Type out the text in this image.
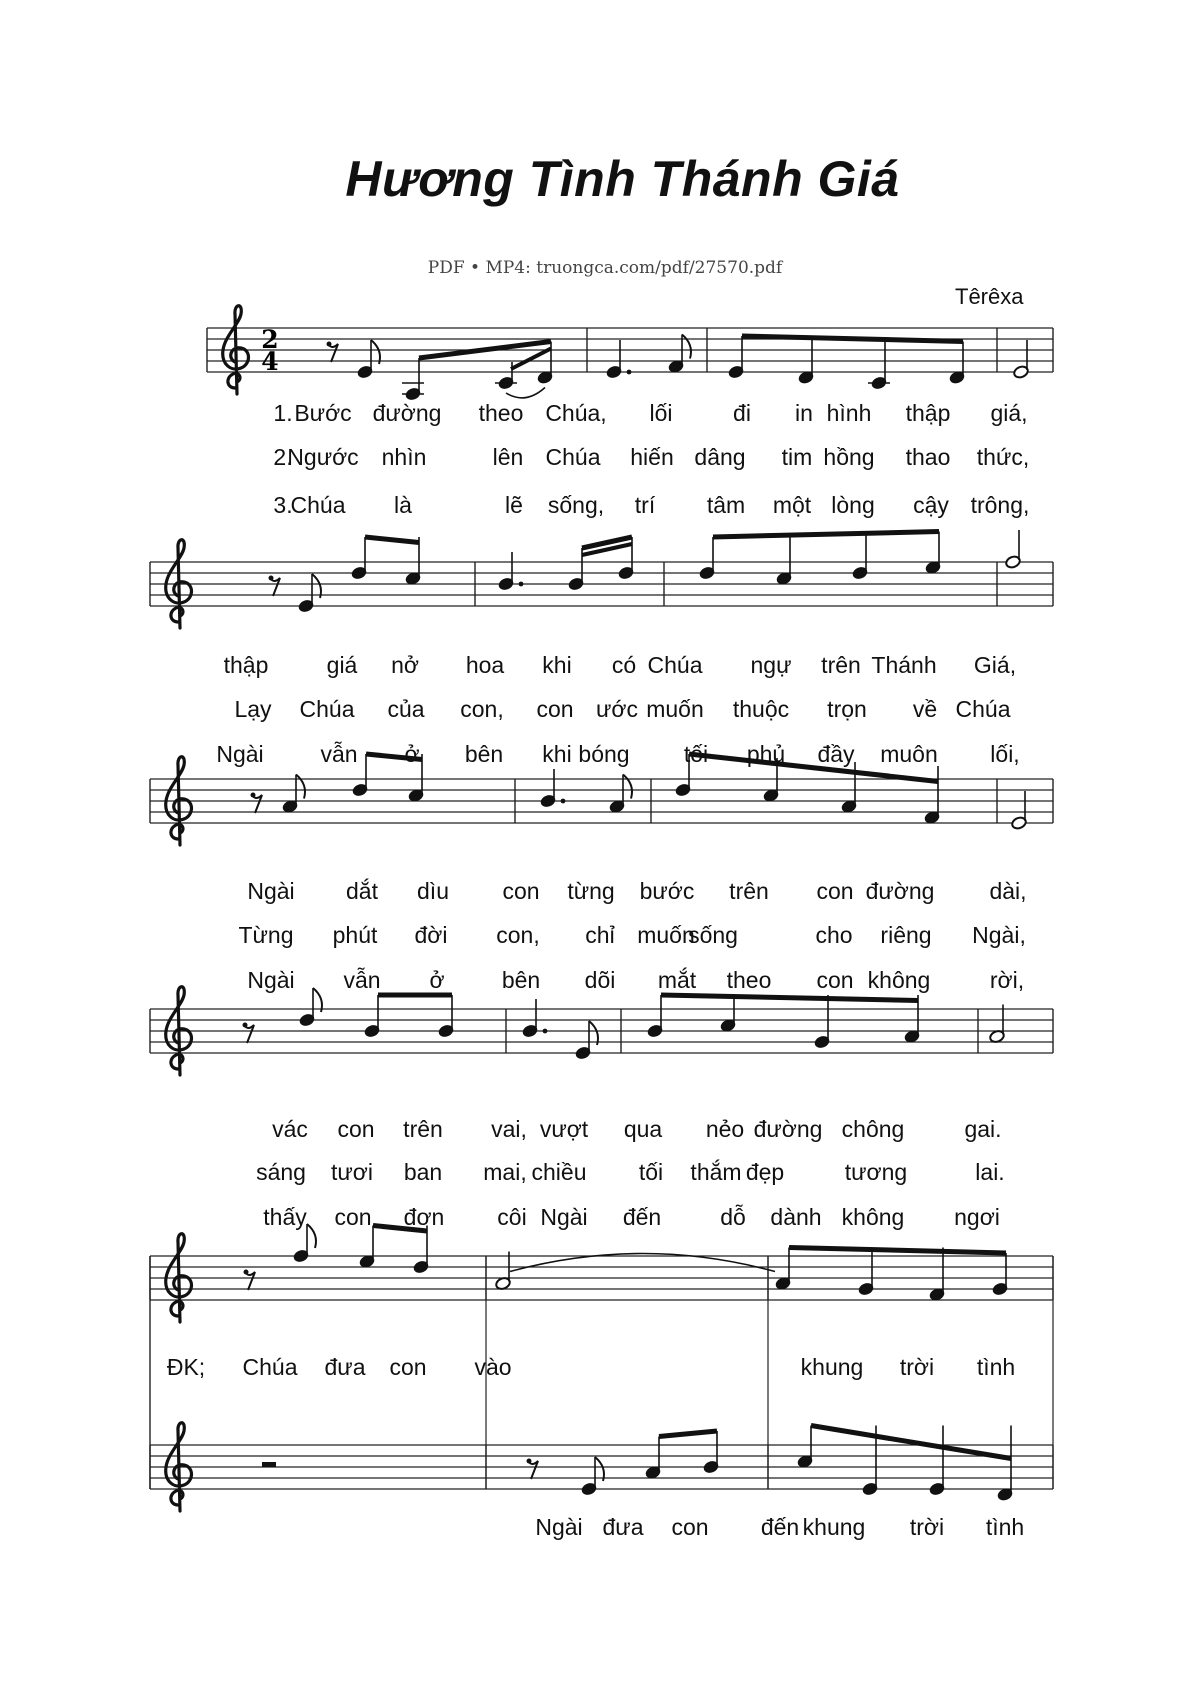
Hương Tình Thánh Giá
PDF • MP4: truongca.com/pdf/27570.pdf
Têrêxa
2
4
1. Bước đường theo Chúa, lối	đi in hình thập giá,
2.
Ngước nhìn	lên Chúa hiến dâng tim hồng thao thức,
3.
Chúa là	lẽ sống, trí tâm một lòng cậy trông,
thập	giá nở hoa khi có Chúa ngự trên Thánh Giá,
Lạy Chúa của con, con ước muốn thuộc trọn về Chúa
Ngài vẫn ở bên khi bóng tối phủ đầy muôn lối,
Ngài dắt dìu con từng bước trên con đường dài,
Từng phút đời con, chỉ muốn
sống	cho riêng Ngài,
Ngài vẫn ở bên dõi mắt theo con không	rời,
vác con trên vai, vượt qua nẻo đường chông	gai.
sáng tươi ban mai, chiều tối thắm đẹp	tương	lai.
thấy con đơn côi Ngài đến	dỗ dành không ngơi
ĐK; Chúa đưa con vào	khung trời tình
Ngài đưa con đến khung trời tình
